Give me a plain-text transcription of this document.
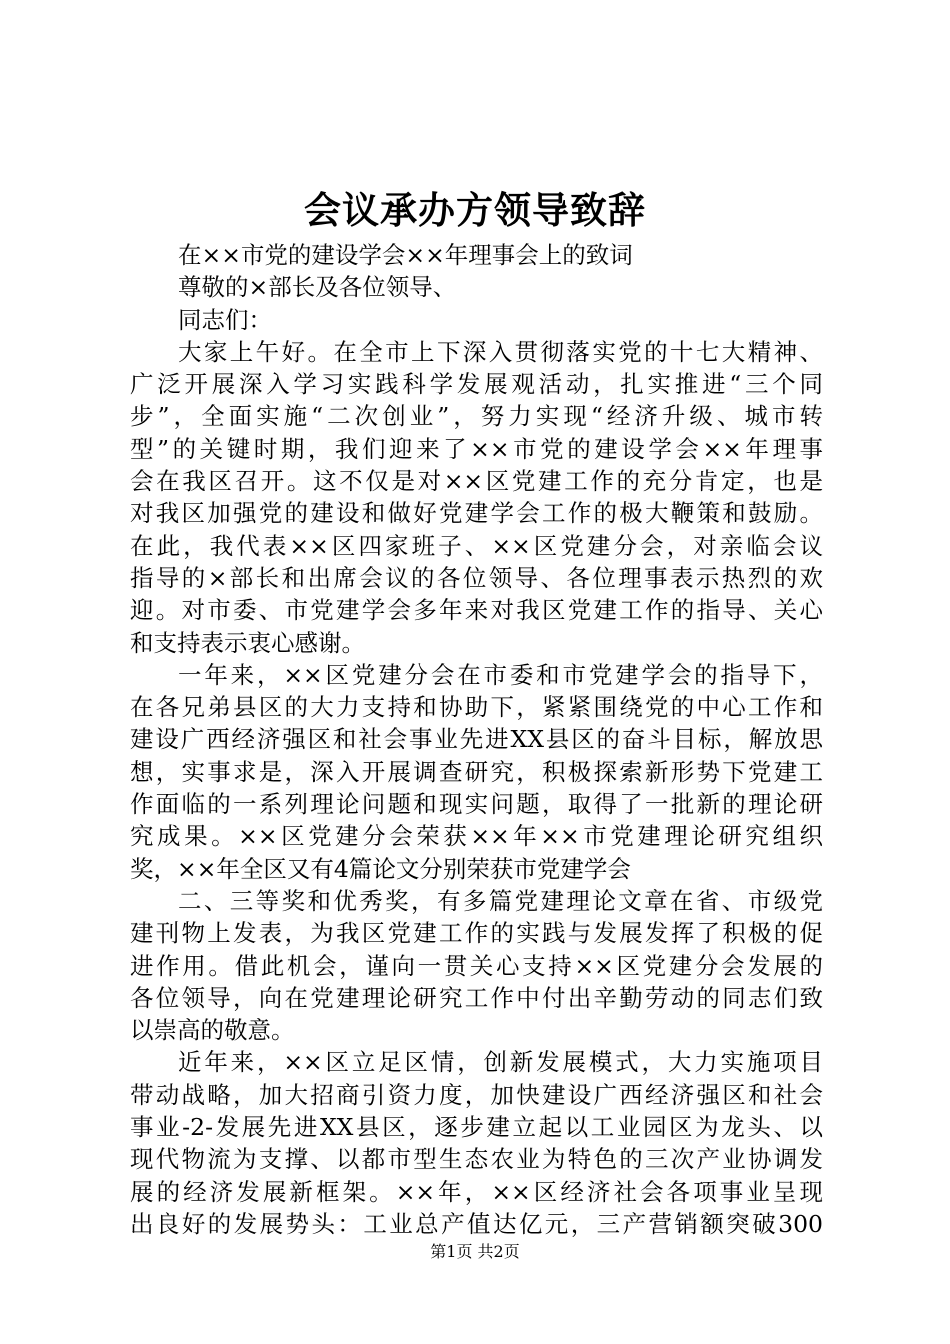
会议承办方领导致辞
在××市党的建设学会××年理事会上的致词
尊敬的×部长及各位领导、
同志们：
大家上午好。在全市上下深入贯彻落实党的十七大精神、
广泛开展深入学习实践科学发展观活动，扎实推进“三个同
步”，全面实施“二次创业”，努力实现“经济升级、城市转
型”的关键时期，我们迎来了××市党的建设学会××年理事
会在我区召开。这不仅是对××区党建工作的充分肯定，也是
对我区加强党的建设和做好党建学会工作的极大鞭策和鼓励。
在此，我代表××区四家班子、××区党建分会，对亲临会议
指导的×部长和出席会议的各位领导、各位理事表示热烈的欢
迎。对市委、市党建学会多年来对我区党建工作的指导、关心
和支持表示衷心感谢。
一年来，××区党建分会在市委和市党建学会的指导下，
在各兄弟县区的大力支持和协助下，紧紧围绕党的中心工作和
建设广西经济强区和社会事业先进XX县区的奋斗目标，解放思
想，实事求是，深入开展调查研究，积极探索新形势下党建工
作面临的一系列理论问题和现实问题，取得了一批新的理论研
究成果。××区党建分会荣获××年××市党建理论研究组织
奖，××年全区又有4篇论文分别荣获市党建学会
二、三等奖和优秀奖，有多篇党建理论文章在省、市级党
建刊物上发表，为我区党建工作的实践与发展发挥了积极的促
进作用。借此机会，谨向一贯关心支持××区党建分会发展的
各位领导，向在党建理论研究工作中付出辛勤劳动的同志们致
以崇高的敬意。
近年来，××区立足区情，创新发展模式，大力实施项目
带动战略，加大招商引资力度，加快建设广西经济强区和社会
事业-2-发展先进XX县区，逐步建立起以工业园区为龙头、以
现代物流为支撑、以都市型生态农业为特色的三次产业协调发
展的经济发展新框架。××年，××区经济社会各项事业呈现
出良好的发展势头：工业总产值达亿元，三产营销额突破300
第1页 共2页
